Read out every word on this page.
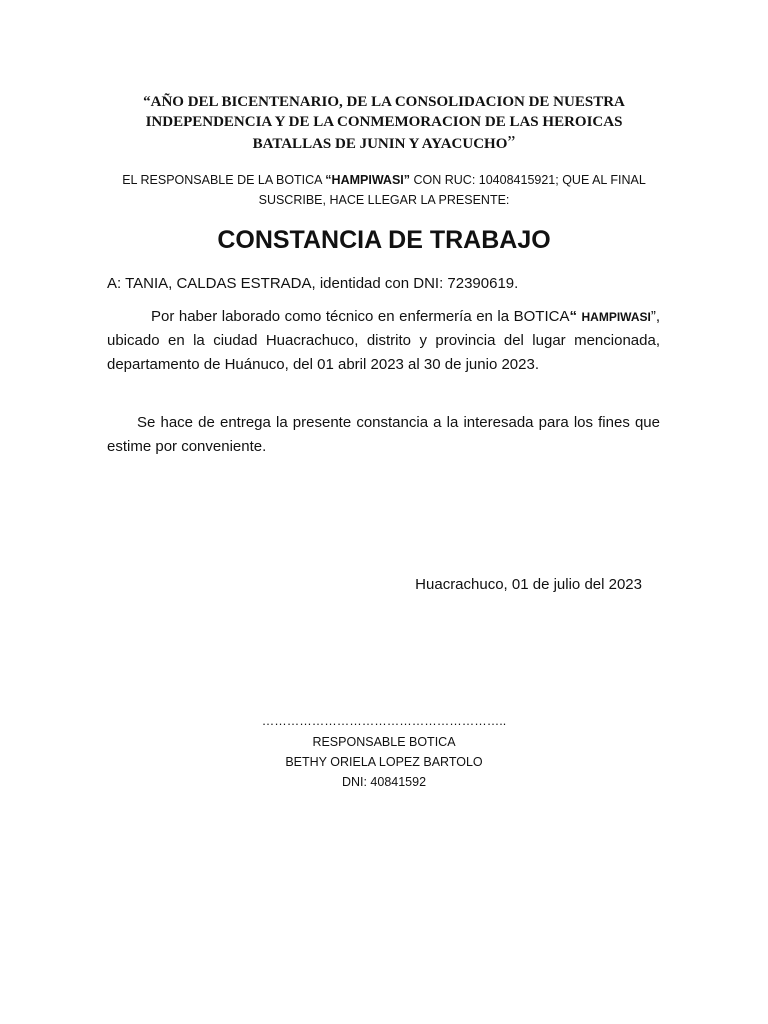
“AÑO DEL BICENTENARIO, DE LA CONSOLIDACION DE NUESTRA
INDEPENDENCIA Y DE LA CONMEMORACION DE LAS HEROICAS
BATALLAS DE JUNIN Y AYACUCHO”
EL RESPONSABLE DE LA BOTICA “HAMPIWASI” CON RUC: 10408415921; QUE AL FINAL
SUSCRIBE, HACE LLEGAR LA PRESENTE:
CONSTANCIA DE TRABAJO

A: TANIA, CALDAS ESTRADA, identidad con DNI: 72390619.

Por haber laborado como técnico en enfermería en la BOTICA“ HAMPIWASI”, ubicado en la ciudad Huacrachuco, distrito y provincia del lugar mencionada, departamento de Huánuco, del 01 abril 2023 al 30 de junio 2023.

Se hace de entrega la presente constancia a la interesada para los fines que estime por conveniente.

Huacrachuco, 01 de julio del 2023
…………………………………………………..
RESPONSABLE BOTICA
BETHY ORIELA LOPEZ BARTOLO
DNI: 40841592
